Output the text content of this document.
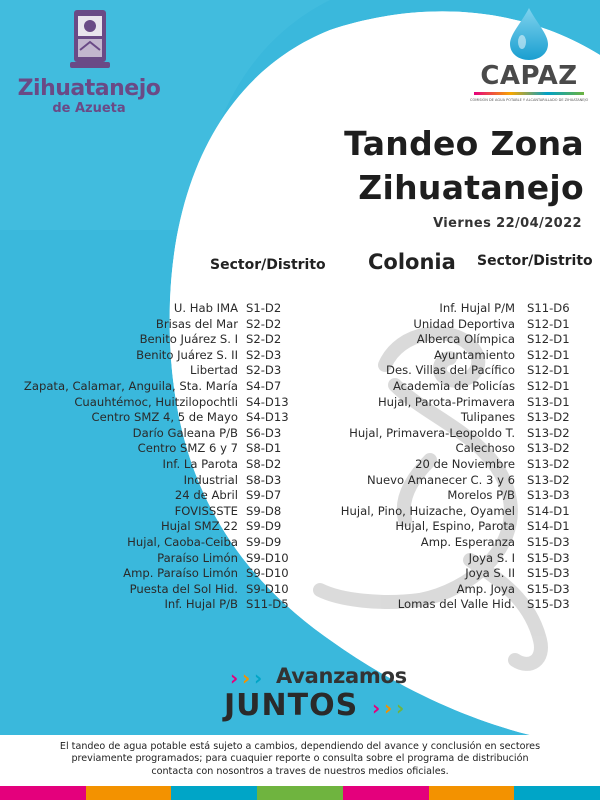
Zihuatanejo
de Azueta
CAPAZ
COMISIÓN DE AGUA POTABLE Y ALCANTARILLADO DE ZIHUATANEJO
Tandeo Zona
Zihuatanejo
Viernes 22/04/2022
Sector/Distrito Colonia Sector/Distrito
U. Hab IMA S1-D2
Brisas del Mar S2-D2
Benito Juárez S. I S2-D2
Benito Juárez S. II S2-D3
Libertad S2-D3
Zapata, Calamar, Anguila, Sta. María S4-D7
Cuauhtémoc, Huitzilopochtli S4-D13
Centro SMZ 4, 5 de Mayo S4-D13
Darío Galeana P/B S6-D3
Centro SMZ 6 y 7 S8-D1
Inf. La Parota S8-D2
Industrial S8-D3
24 de Abril S9-D7
FOVISSSTE S9-D8
Hujal SMZ 22 S9-D9
Hujal, Caoba-Ceiba S9-D9
Paraíso Limón S9-D10
Amp. Paraíso Limón S9-D10
Puesta del Sol Hid. S9-D10
Inf. Hujal P/B S11-D5
Inf. Hujal P/M	S11-D6
Unidad Deportiva	S12-D1
Alberca Olímpica	S12-D1
Ayuntamiento	S12-D1
Des. Villas del Pacífico	S12-D1
Academia de Policías	S12-D1
Hujal, Parota-Primavera	S13-D1
Tulipanes	S13-D2
Hujal, Primavera-Leopoldo T.	S13-D2
Calechoso	S13-D2
20 de Noviembre	S13-D2
Nuevo Amanecer C. 3 y 6	S13-D2
Morelos P/B	S13-D3
Hujal, Pino, Huizache, Oyamel	S14-D1
Hujal, Espino, Parota	S14-D1
Amp. Esperanza	S15-D3
Joya S. I	S15-D3
Joya S. II	S15-D3
Amp. Joya	S15-D3
Lomas del Valle Hid.	S15-D3
› › › Avanzamos
JUNTOS › › ›
El tandeo de agua potable está sujeto a cambios, dependiendo del avance y conclusión en sectores
previamente programados; para cuaquier reporte o consulta sobre el programa de distribución
contacta con nosontros a traves de nuestros medios oficiales.
